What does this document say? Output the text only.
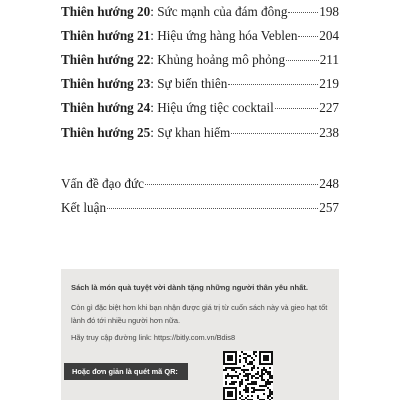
Thiên hướng 20 : Sức mạnh của đám đông 198
Thiên hướng 21 : Hiệu ứng hàng hóa Veblen 204
Thiên hướng 22 : Khủng hoảng mô phỏng	211
Thiên hướng 23 : Sự biến thiên	219
Thiên hướng 24 : Hiệu ứng tiệc cocktail	227
Thiên hướng 25 : Sự khan hiếm	238
Vấn đề đạo đức	248
Kết luận	257
Sách là món quà tuyệt vời dành tặng những người thân yêu nhất.
Còn gì đặc biệt hơn khi bạn nhận được giá trị từ cuốn sách này và gieo hạt tốt lành đó tới nhiều người hơn nữa.
Hãy truy cập đường link: https://bitly.com.vn/Bdis8
Hoặc đơn giản là quét mã QR:
